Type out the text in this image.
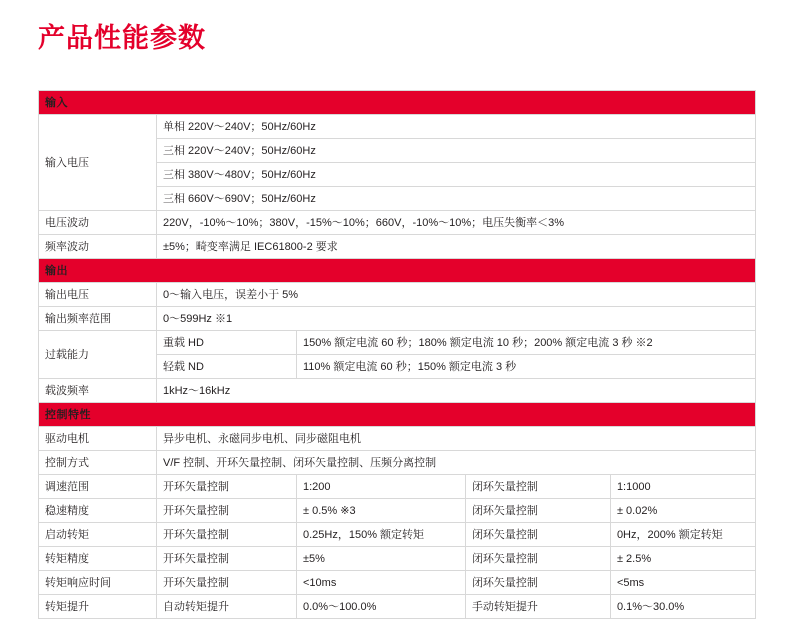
产品性能参数
输入				
输入电压	单相 220V～240V；50Hz/60Hz			
	三相 220V～240V；50Hz/60Hz			
	三相 380V～480V；50Hz/60Hz			
	三相 660V～690V；50Hz/60Hz			
电压波动	220V，-10%～10%；380V，-15%～10%；660V，-10%～10%；电压失衡率＜3%			
频率波动	±5%；畸变率满足 IEC61800-2 要求			
输出				
输出电压	0～输入电压，误差小于 5%			
输出频率范围	0～599Hz ※1			
过载能力	重载 HD	150% 额定电流 60 秒；180% 额定电流 10 秒；200% 额定电流 3 秒 ※2		
	轻载 ND	110% 额定电流 60 秒；150% 额定电流 3 秒		
载波频率	1kHz～16kHz			
控制特性				
驱动电机	异步电机、永磁同步电机、同步磁阻电机			
控制方式	V/F 控制、开环矢量控制、闭环矢量控制、压频分离控制			
调速范围	开环矢量控制	1:200	闭环矢量控制	1:1000
稳速精度	开环矢量控制	± 0.5% ※3	闭环矢量控制	± 0.02%
启动转矩	开环矢量控制	0.25Hz，150% 额定转矩	闭环矢量控制	0Hz，200% 额定转矩
转矩精度	开环矢量控制	±5%	闭环矢量控制	± 2.5%
转矩响应时间	开环矢量控制	<10ms	闭环矢量控制	<5ms
转矩提升	自动转矩提升	0.0%～100.0%	手动转矩提升	0.1%～30.0%
